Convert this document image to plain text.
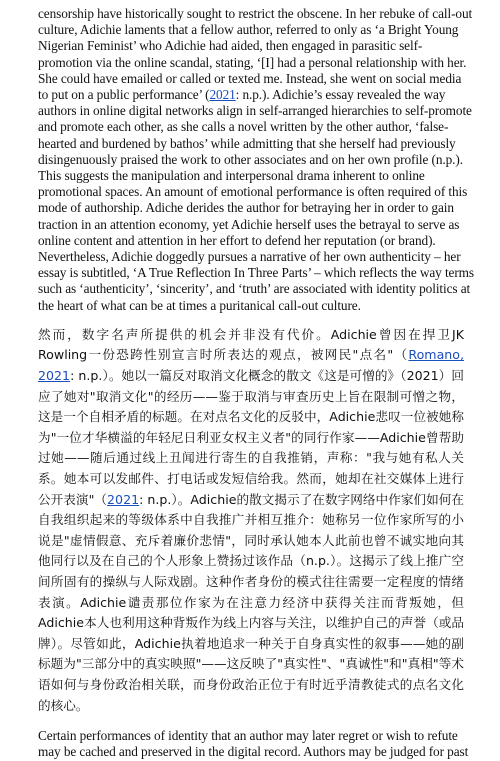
censorship have historically sought to restrict the obscene. In her rebuke of call-out culture, Adichie laments that a fellow author, referred to only as ‘a Bright Young Nigerian Feminist’ who Adichie had aided, then engaged in parasitic self-promotion via the online scandal, stating, ‘[I] had a personal relationship with her. She could have emailed or called or texted me. Instead, she went on social media to put on a public performance’ (2021: n.p.). Adichie’s essay revealed the way authors in online digital networks align in self-arranged hierarchies to self-promote and promote each other, as she calls a novel written by the other author, ‘false-hearted and burdened by bathos’ while admitting that she herself had previously disingenuously praised the work to other associates and on her own profile (n.p.). This suggests the manipulation and interpersonal drama inherent to online promotional spaces. An amount of emotional performance is often required of this mode of authorship. Adiche derides the author for betraying her in order to gain traction in an attention economy, yet Adichie herself uses the betrayal to serve as online content and attention in her effort to defend her reputation (or brand). Nevertheless, Adichie doggedly pursues a narrative of her own authenticity – her essay is subtitled, ‘A True Reflection In Three Parts’ – which reflects the way terms such as ‘authenticity’, ‘sincerity’, and ‘truth’ are associated with identity politics at the heart of what can be at times a puritanical call-out culture.

然而，数字名声所提供的机会并非没有代价。Adichie曾因在捍卫JK Rowling一份恐跨性别宣言时所表达的观点，被网民"点名"（Romano, 2021: n.p.）。她以一篇反对取消文化概念的散文《这是可憎的》（2021）回应了她对"取消文化"的经历——鉴于取消与审查历史上旨在限制可憎之物，这是一个自相矛盾的标题。在对点名文化的反驳中，Adichie悲叹一位被她称为"一位才华横溢的年轻尼日利亚女权主义者"的同行作家——Adichie曾帮助过她——随后通过线上丑闻进行寄生的自我推销，声称："我与她有私人关系。她本可以发邮件、打电话或发短信给我。然而，她却在社交媒体上进行公开表演"（2021: n.p.）。Adichie的散文揭示了在数字网络中作家们如何在自我组织起来的等级体系中自我推广并相互推介：她称另一位作家所写的小说是"虚情假意、充斥着廉价悲情"，同时承认她本人此前也曾不诚实地向其他同行以及在自己的个人形象上赞扬过该作品（n.p.）。这揭示了线上推广空间所固有的操纵与人际戏剧。这种作者身份的模式往往需要一定程度的情绪表演。Adichie谴责那位作家为在注意力经济中获得关注而背叛她，但Adichie本人也利用这种背叛作为线上内容与关注，以维护自己的声誉（或品牌）。尽管如此，Adichie执着地追求一种关于自身真实性的叙事——她的副标题为"三部分中的真实映照"——这反映了"真实性"、"真诚性"和"真相"等术语如何与身份政治相关联，而身份政治正位于有时近乎清教徒式的点名文化的核心。

Certain performances of identity that an author may later regret or wish to refute may be cached and preserved in the digital record. Authors may be judged for past
